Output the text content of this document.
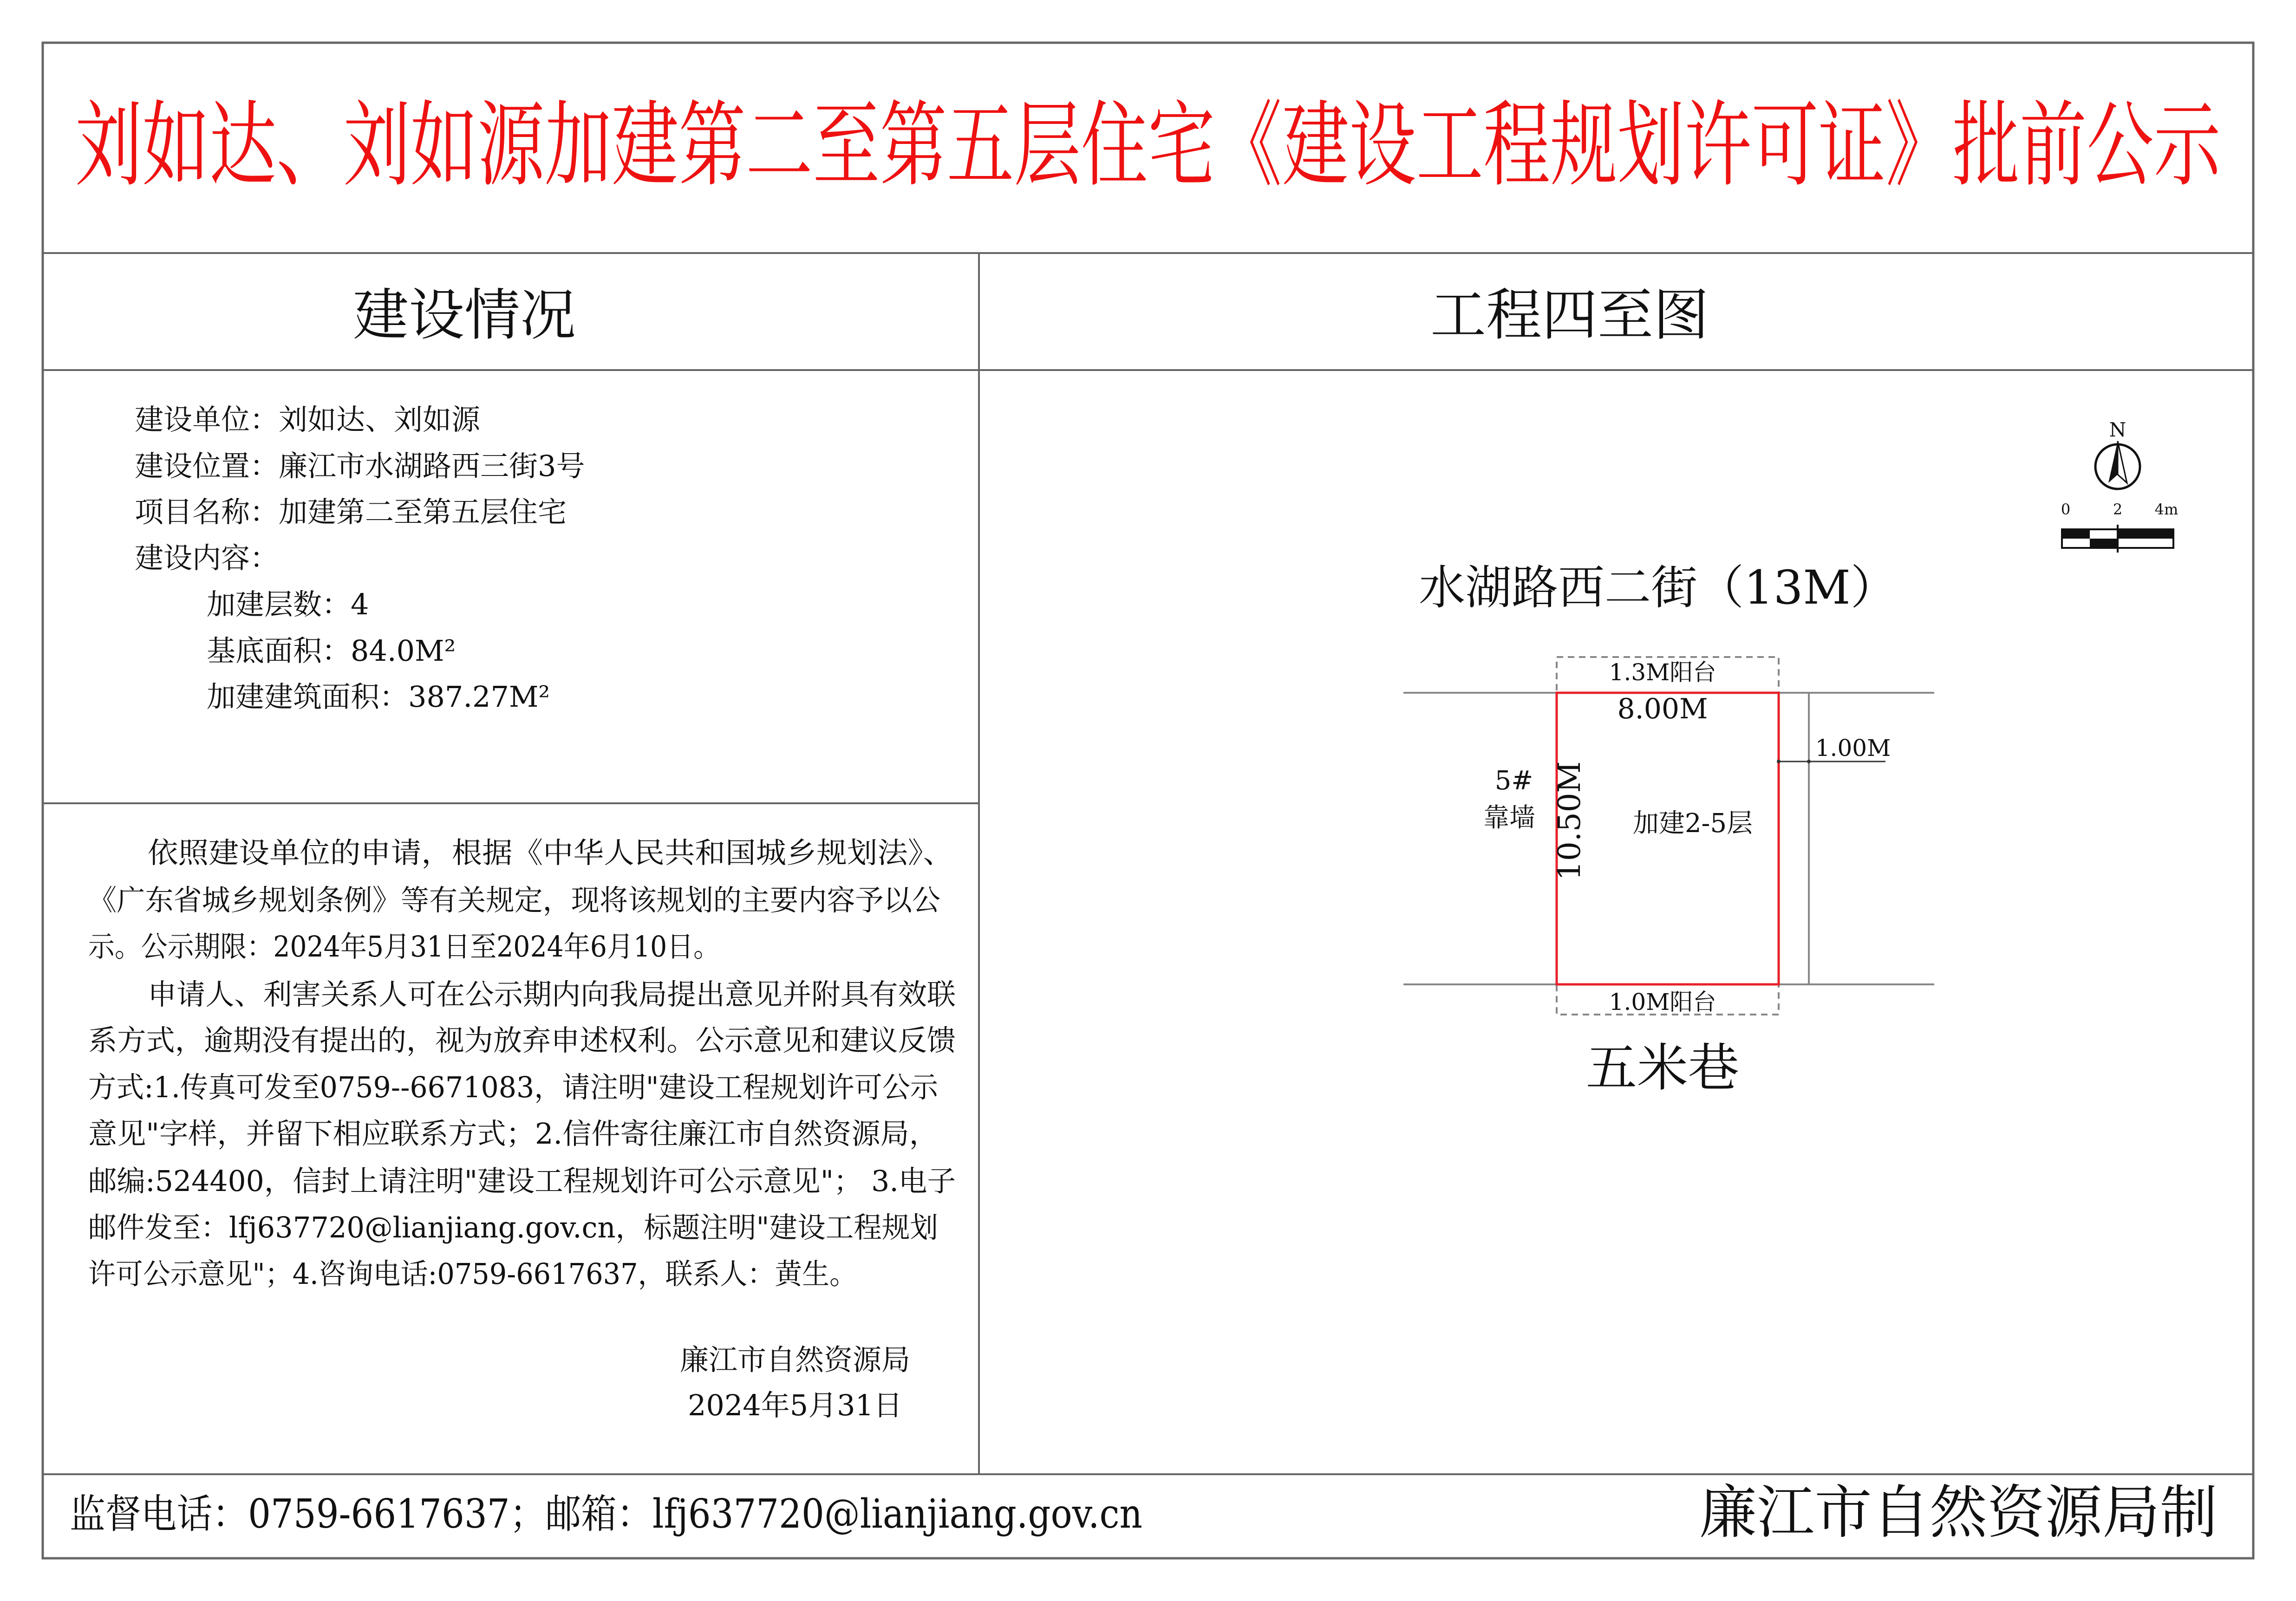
刘如达、刘如源加建第二至第五层住宅《建设工程规划许可证》批前公示
建设情况	工程四至图
建设单位：刘如达、刘如源
建设位置：廉江市水湖路西三街3号
项目名称：加建第二至第五层住宅
建设内容：
加建层数：4
基底面积：84.0M²
加建建筑面积：387.27M²
依照建设单位的申请，根据《中华人民共和国城乡规划法》、
《广东省城乡规划条例》等有关规定，现将该规划的主要内容予以公
示。公示期限：2024年5月31日至2024年6月10日。
申请人、利害关系人可在公示期内向我局提出意见并附具有效联
系方式，逾期没有提出的，视为放弃申述权利。公示意见和建议反馈
方式:1.传真可发至0759--6671083，请注明"建设工程规划许可公示
意见"字样，并留下相应联系方式；2.信件寄往廉江市自然资源局，
邮编:524400，信封上请注明"建设工程规划许可公示意见"； 3.电子
邮件发至：lfj637720@lianjiang.gov.cn，标题注明"建设工程规划
许可公示意见"；4.咨询电话:0759-6617637，联系人：黄生。
廉江市自然资源局
2024年5月31日
N
0	2 4m
水湖路西二街（13M）
五米巷
1.3M阳台
8.00M
1.00M
5#
靠墙 10.50M 加建2-5层
1.0M阳台
监督电话：0759-6617637；邮箱：lfj637720@lianjiang.gov.cn	廉江市自然资源局制
